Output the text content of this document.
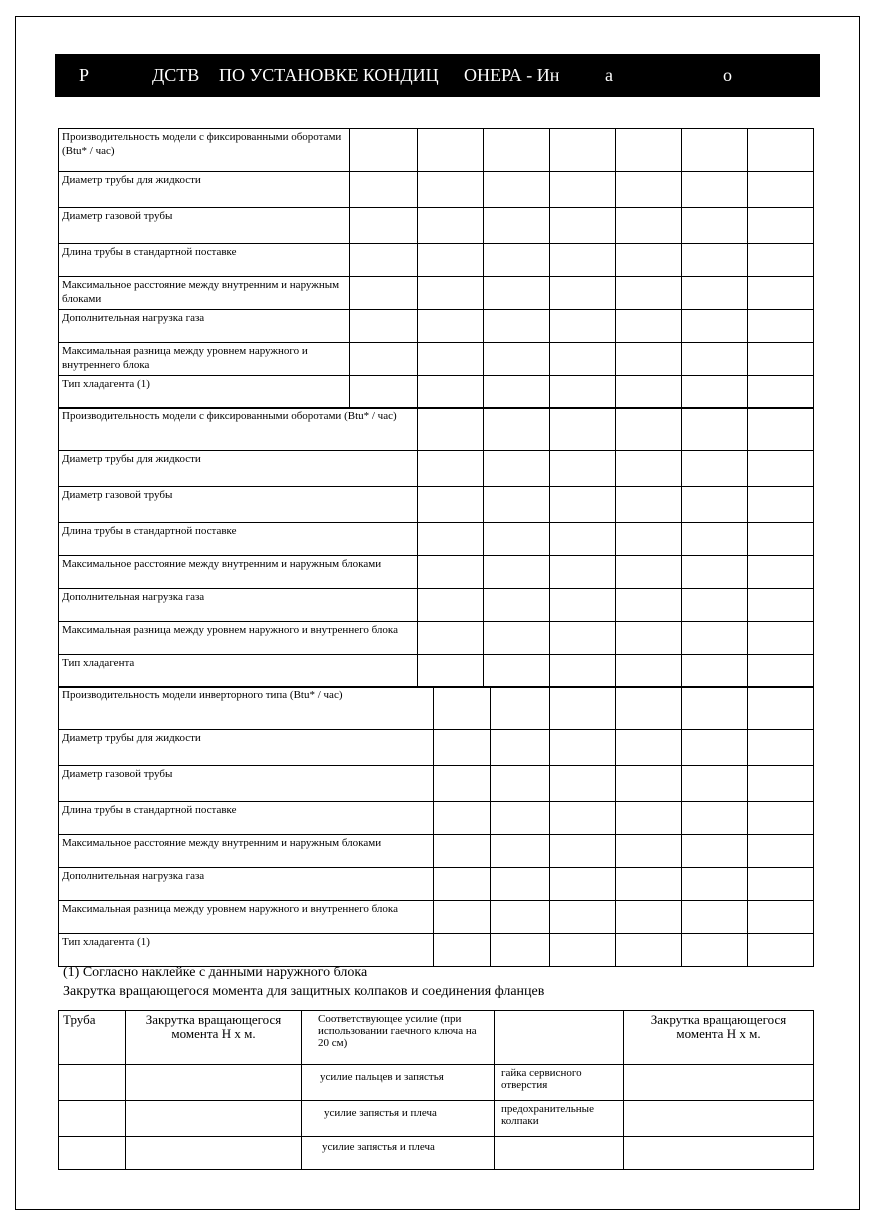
Р	ДСТВ ПО УСТАНОВКЕ КОНДИЦ ОНЕРА - Ин	а	о
Производительность модели с фиксированными оборотами (Btu* / час)							
Диаметр трубы для жидкости							
Диаметр газовой трубы							
Длина трубы в стандартной поставке							
Максимальное расстояние между внутренним и наружным блоками							
Дополнительная нагрузка газа							
Максимальная разница между уровнем наружного и внутреннего блока							
Тип хладагента (1)							
Производительность модели с фиксированными оборотами (Btu* / час)						
Диаметр трубы для жидкости						
Диаметр газовой трубы						
Длина трубы в стандартной поставке						
Максимальное расстояние между внутренним и наружным блоками						
Дополнительная нагрузка газа						
Максимальная разница между уровнем наружного и внутреннего блока						
Тип хладагента						
Производительность модели инверторного типа (Btu* / час)						
Диаметр трубы для жидкости						
Диаметр газовой трубы						
Длина трубы в стандартной поставке						
Максимальное расстояние между внутренним и наружным блоками						
Дополнительная нагрузка газа						
Максимальная разница между уровнем наружного и внутреннего блока						
Тип хладагента (1)						
(1) Согласно наклейке с данными наружного блока
Закрутка вращающегося момента для защитных колпаков и соединения фланцев
Труба	Закрутка вращающегося момента Н х м.	Соответствующее усилие (при использовании гаечного ключа на 20 см)		Закрутка вращающегося момента Н х м.
		усилие пальцев и запястья	гайка сервисного отверстия	
		усилие запястья и плеча	предохранительные колпаки	
		усилие запястья и плеча		
